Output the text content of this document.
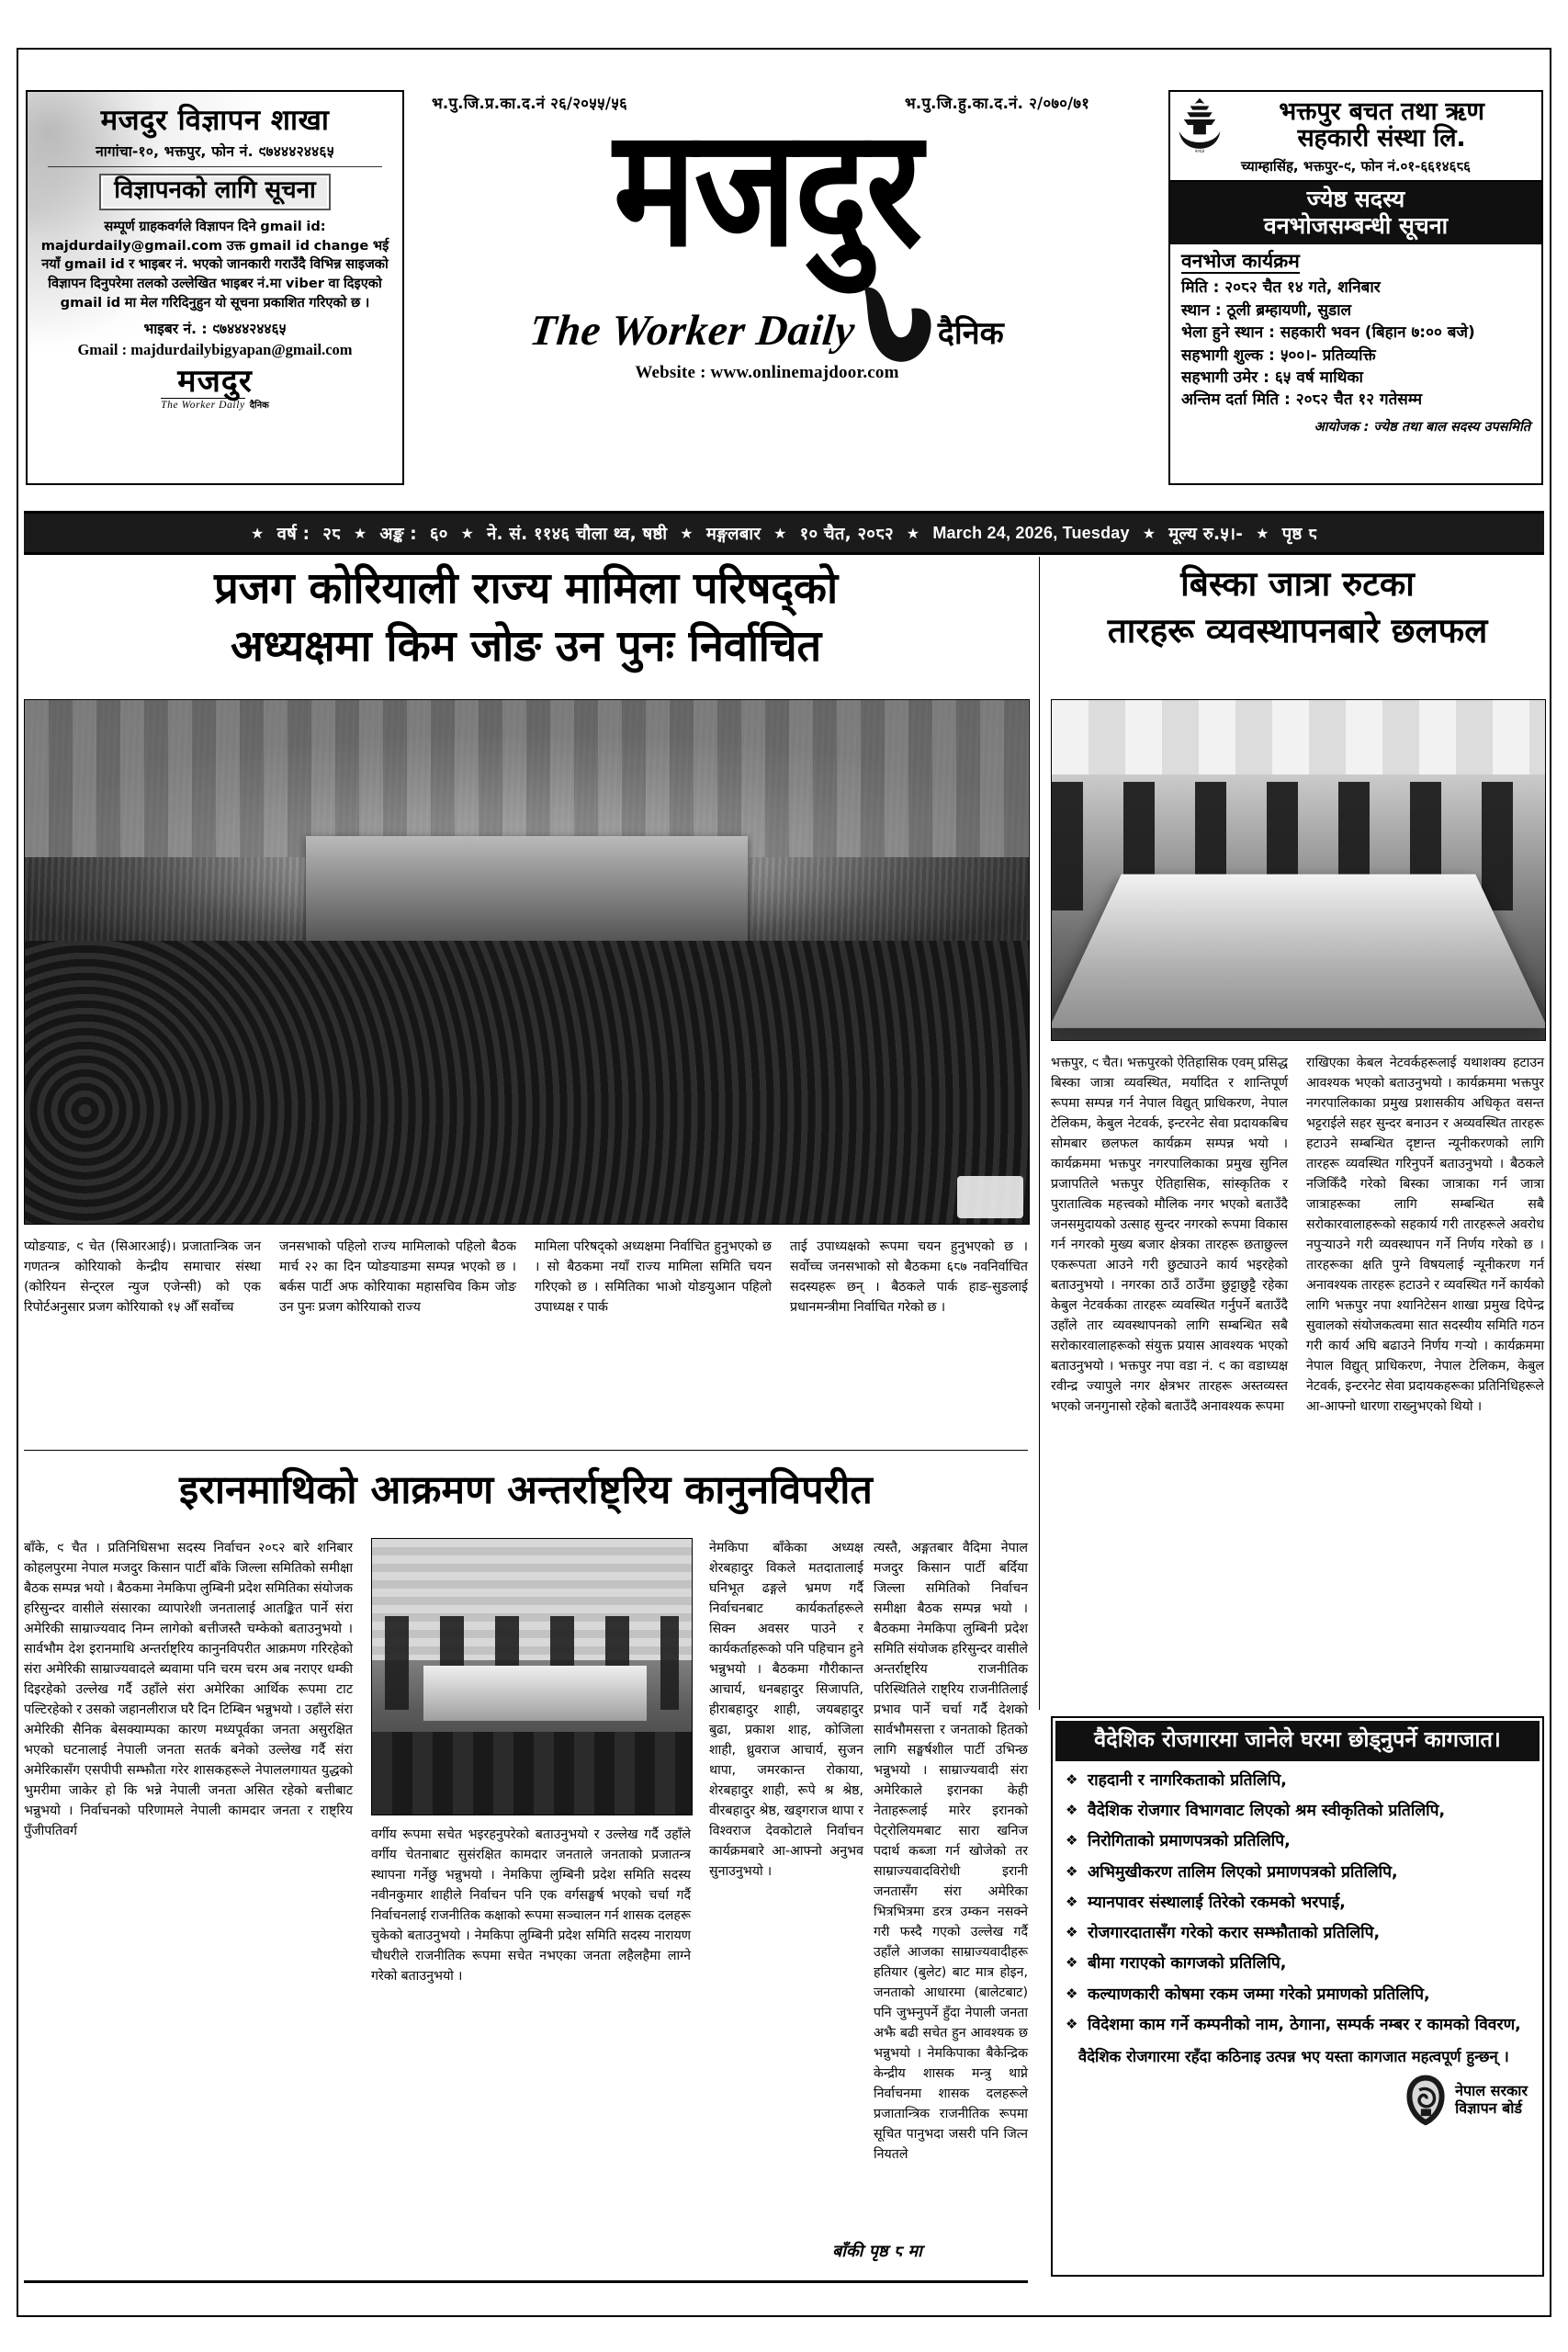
मजदुर विज्ञापन शाखा
नागांचा-१०, भक्तपुर, फोन नं. ९७४४४२४४६५
विज्ञापनको लागि सूचना
सम्पूर्ण ग्राहकवर्गले विज्ञापन दिने gmail id: majdurdaily@gmail.com उक्त gmail id change भई नयाँ gmail id र भाइबर नं. भएको जानकारी गराउँदै विभिन्न साइजको विज्ञापन दिनुपरेमा तलको उल्लेखित भाइबर नं.मा viber वा दिइएको gmail id मा मेल गरिदिनुहुन यो सूचना प्रकाशित गरिएको छ ।
भाइबर नं. : ९७४४४२४४६५
Gmail : majdurdailybigyapan@gmail.com
मजदुर
The Worker Daily दैनिक
भ.पु.जि.प्र.का.द.नं २६/२०५५/५६	भ.पु.जि.हु.का.द.नं. २/०७०/७१
मजदुर
The Worker Daily	दैनिक
Website : www.onlinemajdoor.com
२०६४
भक्तपुर बचत तथा ऋण
सहकारी संस्था लि.
च्याम्हासिंह, भक्तपुर-९, फोन नं.०१-६६१४६८६
ज्येष्ठ सदस्य
वनभोजसम्बन्धी सूचना
वनभोज कार्यक्रम
मिति : २०८२ चैत १४ गते, शनिबार
स्थान : ठूली ब्रम्हायणी, सुडाल
भेला हुने स्थान : सहकारी भवन (बिहान ७:०० बजे)
सहभागी शुल्क : ५००।- प्रतिव्यक्ति
सहभागी उमेर : ६५ वर्ष माथिका
अन्तिम दर्ता मिति : २०८२ चैत १२ गतेसम्म
आयोजक : ज्येष्ठ तथा बाल सदस्य उपसमिति
★ वर्ष : २८ ★ अङ्क : ६० ★ ने. सं. ११४६ चौला थ्व, षष्ठी ★ मङ्गलबार ★ १० चैत, २०८२ ★ March 24, 2026, Tuesday ★ मूल्य रु.५।- ★ पृष्ठ ८
प्रजग कोरियाली राज्य मामिला परिषद्को
अध्यक्षमा किम जोङ उन पुनः निर्वाचित
बिस्का जात्रा रुटका
तारहरू व्यवस्थापनबारे छलफल

प्योङयाङ, ९ चेत (सिआरआई)। प्रजातान्त्रिक जन गणतन्त्र कोरियाको केन्द्रीय समाचार संस्था (कोरियन सेन्ट्रल न्युज एजेन्सी) को एक रिपोर्टअनुसार प्रजग कोरियाको १५ औँ सर्वोच्च

जनसभाको पहिलो राज्य मामिलाको पहिलो बैठक मार्च २२ का दिन प्योङयाङमा सम्पन्न भएको छ । बर्कस पार्टी अफ कोरियाका महासचिव किम जोङ उन पुनः प्रजग कोरियाको राज्य

मामिला परिषद्को अध्यक्षमा निर्वाचित हुनुभएको छ । सो बैठकमा नयाँ राज्य मामिला समिति चयन गरिएको छ । समितिका भाओ योङयुआन पहिलो उपाध्यक्ष र पार्क

ताई उपाध्यक्षको रूपमा चयन हुनुभएको छ । सर्वोच्च जनसभाको सो बैठकमा ६८७ नवनिर्वाचित सदस्यहरू छन् । बैठकले पार्क हाङ-सुङलाई प्रधानमन्त्रीमा निर्वाचित गरेको छ ।

भक्तपुर, ९ चैत। भक्तपुरको ऐतिहासिक एवम् प्रसिद्ध बिस्का जात्रा व्यवस्थित, मर्यादित र शान्तिपूर्ण रूपमा सम्पन्न गर्न नेपाल विद्युत् प्राधिकरण, नेपाल टेलिकम, केबुल नेटवर्क, इन्टरनेट सेवा प्रदायकबिच सोमबार छलफल कार्यक्रम सम्पन्न भयो । कार्यक्रममा भक्तपुर नगरपालिकाका प्रमुख सुनिल प्रजापतिले भक्तपुर ऐतिहासिक, सांस्कृतिक र पुरातात्विक महत्त्वको मौलिक नगर भएको बताउँदै जनसमुदायको उत्साह सुन्दर नगरको रूपमा विकास गर्न नगरको मुख्य बजार क्षेत्रका तारहरू छताछुल्ल एकरूपता आउने गरी छुट्याउने कार्य भइरहेको बताउनुभयो । नगरका ठाउँ ठाउँमा छुट्टाछुट्टै रहेका केबुल नेटवर्कका तारहरू व्यवस्थित गर्नुपर्ने बताउँदै उहाँले तार व्यवस्थापनको लागि सम्बन्धित सबै सरोकारवालाहरूको संयुक्त प्रयास आवश्यक भएको बताउनुभयो । भक्तपुर नपा वडा नं. ९ का वडाध्यक्ष रवीन्द्र ज्यापुले नगर क्षेत्रभर तारहरू अस्तव्यस्त भएको जनगुनासो रहेको बताउँदै अनावश्यक रूपमा

राखिएका केबल नेटवर्कहरूलाई यथाशक्य हटाउन आवश्यक भएको बताउनुभयो । कार्यक्रममा भक्तपुर नगरपालिकाका प्रमुख प्रशासकीय अधिकृत वसन्त भट्टराईले सहर सुन्दर बनाउन र अव्यवस्थित तारहरू हटाउने सम्बन्धित दृष्टान्त न्यूनीकरणको लागि तारहरू व्यवस्थित गरिनुपर्ने बताउनुभयो । बैठकले नजिकिँदै गरेको बिस्का जात्राका गर्न जात्रा जात्राहरूका लागि सम्बन्धित सबै सरोकारवालाहरूको सहकार्य गरी तारहरूले अवरोध नपुर्‍याउने गरी व्यवस्थापन गर्ने निर्णय गरेको छ । तारहरूका क्षति पुग्ने विषयलाई न्यूनीकरण गर्न अनावश्यक तारहरू हटाउने र व्यवस्थित गर्ने कार्यको लागि भक्तपुर नपा श्यानिटेसन शाखा प्रमुख दिपेन्द्र सुवालको संयोजकत्वमा सात सदस्यीय समिति गठन गरी कार्य अघि बढाउने निर्णय गर्‍यो । कार्यक्रममा नेपाल विद्युत् प्राधिकरण, नेपाल टेलिकम, केबुल नेटवर्क, इन्टरनेट सेवा प्रदायकहरूका प्रतिनिधिहरूले आ-आफ्नो धारणा राख्नुभएको थियो ।

इरानमाथिको आक्रमण अन्तर्राष्ट्रिय कानुनविपरीत

बाँके, ९ चैत । प्रतिनिधिसभा सदस्य निर्वाचन २०८२ बारे शनिबार कोहलपुरमा नेपाल मजदुर किसान पार्टी बाँके जिल्ला समितिको समीक्षा बैठक सम्पन्न भयो । बैठकमा नेमकिपा लुम्बिनी प्रदेश समितिका संयोजक हरिसुन्दर वासीले संसारका व्यापारेशी जनतालाई आतङ्कित पार्ने संरा अमेरिकी साम्राज्यवाद निम्न लागेको बत्तीजस्तै चम्केको बताउनुभयो । सार्वभौम देश इरानमाथि अन्तर्राष्ट्रिय कानुनविपरीत आक्रमण गरिरहेको संरा अमेरिकी साम्राज्यवादले ब्यवामा पनि चरम चरम अब नराएर धम्की दिइरहेको उल्लेख गर्दै उहाँले संरा अमेरिका आर्थिक रूपमा टाट पल्टिरहेको र उसको जहानलीराज घरै दिन टिम्बिन भन्नुभयो । उहाँले संरा अमेरिकी सैनिक बेसक्याम्पका कारण मध्यपूर्वका जनता असुरक्षित भएको घटनालाई नेपाली जनता सतर्क बनेको उल्लेख गर्दै संरा अमेरिकासँग एसपीपी सम्झौता गरेर शासकहरूले नेपाललगायत युद्धको भुमरीमा जाकेर हो कि भन्ने नेपाली जनता असित रहेको बत्तीबाट भन्नुभयो । निर्वाचनको परिणामले नेपाली कामदार जनता र राष्ट्रिय पुँजीपतिवर्ग	वर्गीय रूपमा सचेत भइरहनुपरेको बताउनुभयो र उल्लेख गर्दै उहाँले वर्गीय चेतनाबाट सुसंरक्षित कामदार जनताले जनताको प्रजातन्त्र स्थापना गर्नेछु भन्नुभयो । नेमकिपा लुम्बिनी प्रदेश समिति सदस्य नवीनकुमार शाहीले निर्वाचन पनि एक वर्गसङ्घर्ष भएको चर्चा गर्दै निर्वाचनलाई राजनीतिक कक्षाको रूपमा सञ्चालन गर्न शासक दलहरू चुकेको बताउनुभयो । नेमकिपा लुम्बिनी प्रदेश समिति सदस्य नारायण चौधरीले राजनीतिक रूपमा सचेत नभएका जनता लहैलहैमा लाग्ने गरेको बताउनुभयो ।

नेमकिपा बाँकेका अध्यक्ष शेरबहादुर विकले मतदातालाई घनिभूत ढङ्गले भ्रमण गर्दै निर्वाचनबाट कार्यकर्ताहरूले सिक्न अवसर पाउने र कार्यकर्ताहरूको पनि पहिचान हुने भन्नुभयो । बैठकमा गौरीकान्त आचार्य, धनबहादुर सिजापति, हीराबहादुर शाही, जयबहादुर बुढा, प्रकाश शाह, कोजिला शाही, ध्रुवराज आचार्य, सुजन थापा, जमरकान्त रोकाया, शेरबहादुर शाही, रूपे श्र श्रेष्ठ, वीरबहादुर श्रेष्ठ, खड्गराज थापा र विश्वराज देवकोटाले निर्वाचन कार्यक्रमबारे आ-आफ्नो अनुभव सुनाउनुभयो ।

त्यस्तै, अङ्गतबार वैदिमा नेपाल मजदुर किसान पार्टी बर्दिया जिल्ला समितिको निर्वाचन समीक्षा बैठक सम्पन्न भयो । बैठकमा नेमकिपा लुम्बिनी प्रदेश समिति संयोजक हरिसुन्दर वासीले अन्तर्राष्ट्रिय राजनीतिक परिस्थितिले राष्ट्रिय राजनीतिलाई प्रभाव पार्ने चर्चा गर्दै देशको सार्वभौमसत्ता र जनताको हितको लागि सङ्घर्षशील पार्टी उभिन्छ भन्नुभयो । साम्राज्यवादी संरा अमेरिकाले इरानका केही नेताहरूलाई मारेर इरानको पेट्रोलियमबाट सारा खनिज पदार्थ कब्जा गर्न खोजेको तर साम्राज्यवादविरोधी इरानी जनतासँग संरा अमेरिका भित्रभित्रमा डरत्र उम्कन नसक्ने गरी फस्दै गएको उल्लेख गर्दै उहाँले आजका साम्राज्यवादीहरू हतियार (बुलेट) बाट मात्र होइन, जनताको आधारमा (बालेटबाट) पनि जुझ्नुपर्ने हुँदा नेपाली जनता अझै बढी सचेत हुन आवश्यक छ भन्नुभयो । नेमकिपाका बैकेन्द्रिक केन्द्रीय शासक मन्त्रु थाप्ने निर्वाचनमा शासक दलहरूले प्रजातान्त्रिक राजनीतिक रूपमा सूचित पानुभदा जसरी पनि जित्न नियतले

बाँकी पृष्ठ ८ मा
वैदेशिक रोजगारमा जानेले घरमा छोड्नुपर्ने कागजात।
❖ राहदानी र नागरिकताको प्रतिलिपि,
❖ वैदेशिक रोजगार विभागवाट लिएको श्रम स्वीकृतिको प्रतिलिपि,
❖ निरोगिताको प्रमाणपत्रको प्रतिलिपि,
❖ अभिमुखीकरण तालिम लिएको प्रमाणपत्रको प्रतिलिपि,
❖ म्यानपावर संस्थालाई तिरेको रकमको भरपाई,
❖ रोजगारदातासँग गरेको करार सम्झौताको प्रतिलिपि,
❖ बीमा गराएको कागजको प्रतिलिपि,
❖ कल्याणकारी कोषमा रकम जम्मा गरेको प्रमाणको प्रतिलिपि,
❖ विदेशमा काम गर्ने कम्पनीको नाम, ठेगाना, सम्पर्क नम्बर र कामको विवरण,
वैदेशिक रोजगारमा रहँदा कठिनाइ उत्पन्न भए यस्ता कागजात महत्वपूर्ण हुन्छन् ।
नेपाल सरकार
विज्ञापन बोर्ड
